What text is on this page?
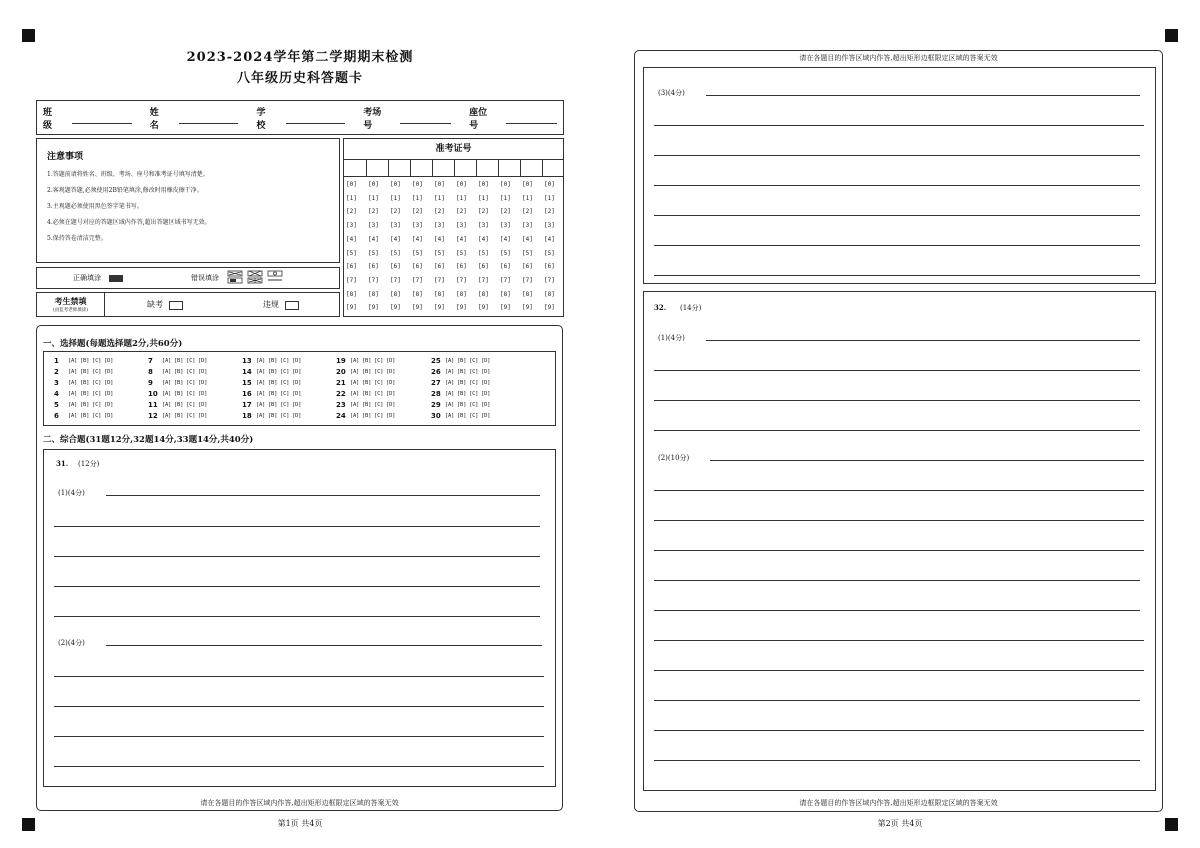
2023-2024学年第二学期期末检测
八年级历史科答题卡
班级
姓名
学校
考场号
座位号
注意事项
1.答题前请将姓名、班级、考场、座号和准考证号填写清楚。
2.客观题答题,必须使用2B铅笔填涂,修改时用橡皮擦干净。
3.主观题必须使用黑色签字笔书写。
4.必须在题号对应的答题区域内作答,超出答题区域书写无效。
5.保持答卷清洁完整。
正确填涂	错误填涂
考生禁填
(由监考老师填涂)
缺考	违规
准考证号
[0]
[1]
[2]
[3]
[4]
[5]
[6]
[7]
[8]
[9]
[0]
[1]
[2]
[3]
[4]
[5]
[6]
[7]
[8]
[9]
[0]
[1]
[2]
[3]
[4]
[5]
[6]
[7]
[8]
[9]
[0]
[1]
[2]
[3]
[4]
[5]
[6]
[7]
[8]
[9]
[0]
[1]
[2]
[3]
[4]
[5]
[6]
[7]
[8]
[9]
[0]
[1]
[2]
[3]
[4]
[5]
[6]
[7]
[8]
[9]
[0]
[1]
[2]
[3]
[4]
[5]
[6]
[7]
[8]
[9]
[0]
[1]
[2]
[3]
[4]
[5]
[6]
[7]
[8]
[9]
[0]
[1]
[2]
[3]
[4]
[5]
[6]
[7]
[8]
[9]
[0]
[1]
[2]
[3]
[4]
[5]
[6]
[7]
[8]
[9]
一、选择题(每题选择题2分,共60分)
1 [A] [B] [C] [D]
2 [A] [B] [C] [D]
3 [A] [B] [C] [D]
4 [A] [B] [C] [D]
5 [A] [B] [C] [D]
6 [A] [B] [C] [D]
7 [A] [B] [C] [D]
8 [A] [B] [C] [D]
9 [A] [B] [C] [D]
10 [A] [B] [C] [D]
11 [A] [B] [C] [D]
12 [A] [B] [C] [D]
13 [A] [B] [C] [D]
14 [A] [B] [C] [D]
15 [A] [B] [C] [D]
16 [A] [B] [C] [D]
17 [A] [B] [C] [D]
18 [A] [B] [C] [D]
19 [A] [B] [C] [D]
20 [A] [B] [C] [D]
21 [A] [B] [C] [D]
22 [A] [B] [C] [D]
23 [A] [B] [C] [D]
24 [A] [B] [C] [D]
25 [A] [B] [C] [D]
26 [A] [B] [C] [D]
27 [A] [B] [C] [D]
28 [A] [B] [C] [D]
29 [A] [B] [C] [D]
30 [A] [B] [C] [D]
二、综合题(31题12分,32题14分,33题14分,共40分)
31. (12分)
(1)(4分)
(2)(4分)
请在各题目的作答区域内作答,超出矩形边框限定区域的答案无效
第1页 共4页
请在各题目的作答区域内作答,超出矩形边框限定区域的答案无效
(3)(4分)
32. (14分)
(1)(4分)
(2)(10分)
请在各题目的作答区域内作答,超出矩形边框限定区域的答案无效
第2页 共4页
